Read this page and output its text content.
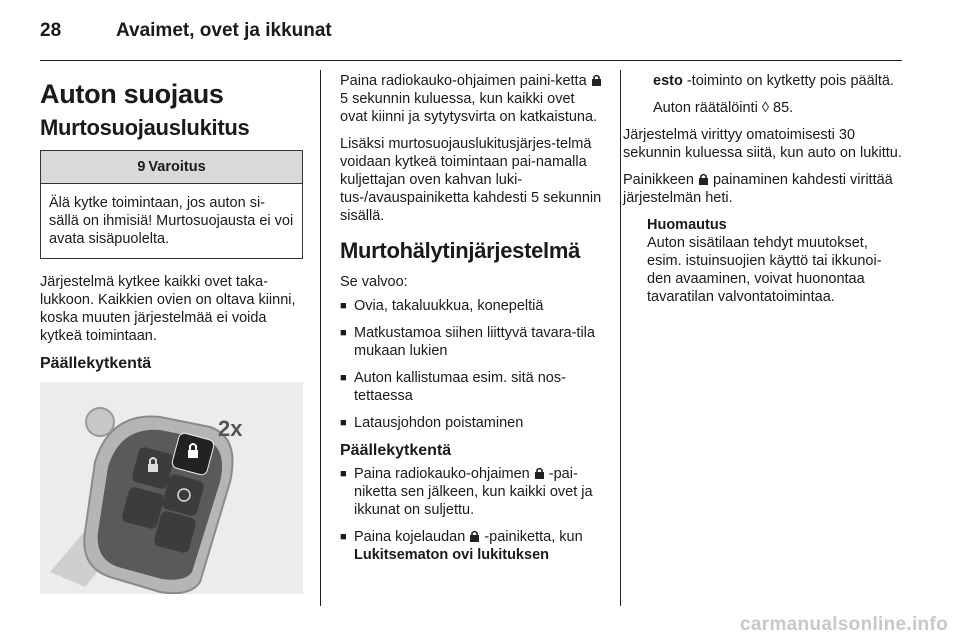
28	Avaimet, ovet ja ikkunat
Auton suojaus
Murtosuojauslukitus
9 Varoitus
Älä kytke toimintaan, jos auton si-sällä on ihmisiä! Murtosuojausta ei voi avata sisäpuolelta.

Järjestelmä kytkee kaikki ovet taka-lukkoon. Kaikkien ovien on oltava kiinni, koska muuten järjestelmää ei voida kytkeä toimintaan.

Päällekytkentä
2x

Paina radiokauko-ohjaimen paini-ketta  5 sekunnin kuluessa, kun kaikki ovet ovat kiinni ja sytytysvirta on katkaistuna.

Lisäksi murtosuojauslukitusjärjes-telmä voidaan kytkeä toimintaan pai-namalla kuljettajan oven kahvan luki-tus-/avauspainiketta kahdesti 5 sekunnin sisällä.

Murtohälytinjärjestelmä

Se valvoo:

■ Ovia, takaluukkua, konepeltiä
■ Matkustamoa siihen liittyvä tavara-tila mukaan lukien
■ Auton kallistumaa esim. sitä nos-tettaessa
■ Latausjohdon poistaminen
Päällekytkentä
■ Paina radiokauko-ohjaimen  -pai-niketta sen jälkeen, kun kaikki ovet ja ikkunat on suljettu.
■ Paina kojelaudan  -painiketta, kun Lukitsematon ovi lukituksen

esto -toiminto on kytketty pois päältä.

Auton räätälöinti ◊ 85.

Järjestelmä virittyy omatoimisesti 30 sekunnin kuluessa siitä, kun auto on lukittu.

Painikkeen  painaminen kahdesti virittää järjestelmän heti.

Huomautus
Auton sisätilaan tehdyt muutokset, esim. istuinsuojien käyttö tai ikkunoi-den avaaminen, voivat huonontaa tavaratilan valvontatoimintaa.
carmanualsonline.info
